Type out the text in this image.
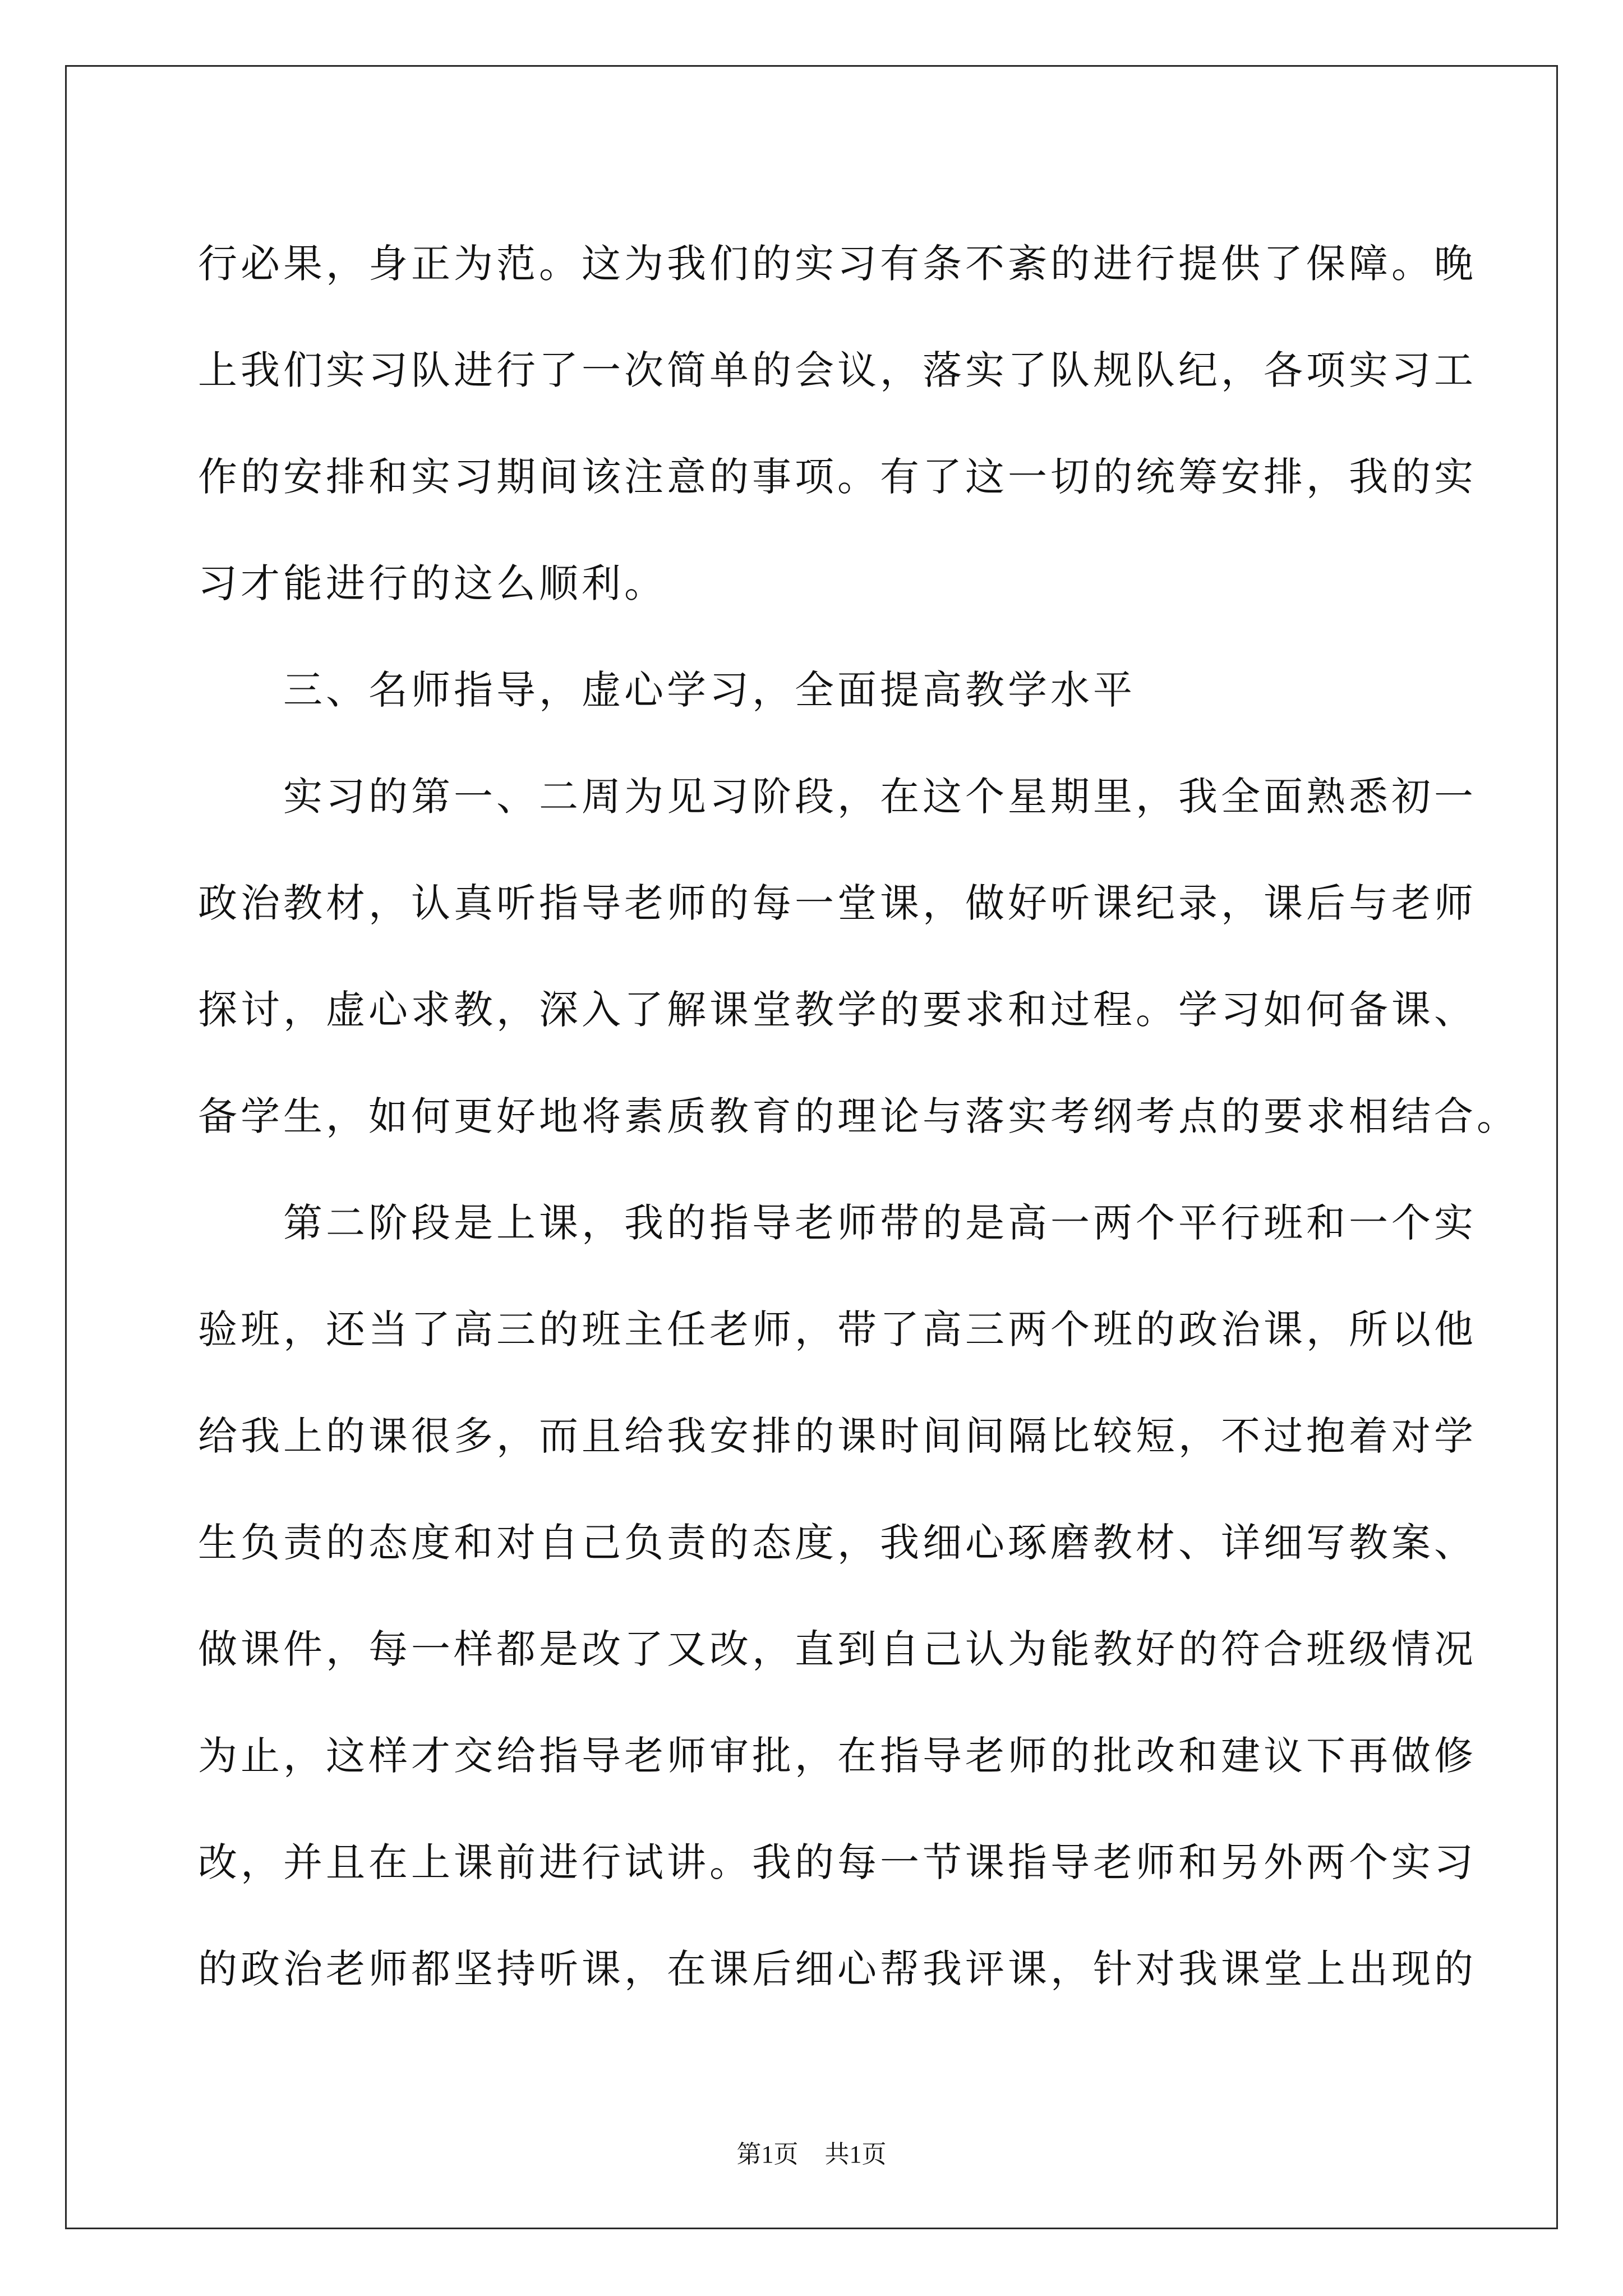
行必果，身正为范。这为我们的实习有条不紊的进行提供了保障。晚
上我们实习队进行了一次简单的会议，落实了队规队纪，各项实习工
作的安排和实习期间该注意的事项。有了这一切的统筹安排，我的实
习才能进行的这么顺利。
　　三、名师指导，虚心学习，全面提高教学水平
　　实习的第一、二周为见习阶段，在这个星期里，我全面熟悉初一
政治教材，认真听指导老师的每一堂课，做好听课纪录，课后与老师
探讨，虚心求教，深入了解课堂教学的要求和过程。学习如何备课、
备学生，如何更好地将素质教育的理论与落实考纲考点的要求相结合。
　　第二阶段是上课，我的指导老师带的是高一两个平行班和一个实
验班，还当了高三的班主任老师，带了高三两个班的政治课，所以他
给我上的课很多，而且给我安排的课时间间隔比较短，不过抱着对学
生负责的态度和对自己负责的态度，我细心琢磨教材、详细写教案、
做课件，每一样都是改了又改，直到自己认为能教好的符合班级情况
为止，这样才交给指导老师审批，在指导老师的批改和建议下再做修
改，并且在上课前进行试讲。我的每一节课指导老师和另外两个实习
的政治老师都坚持听课，在课后细心帮我评课，针对我课堂上出现的
第1页 共1页
